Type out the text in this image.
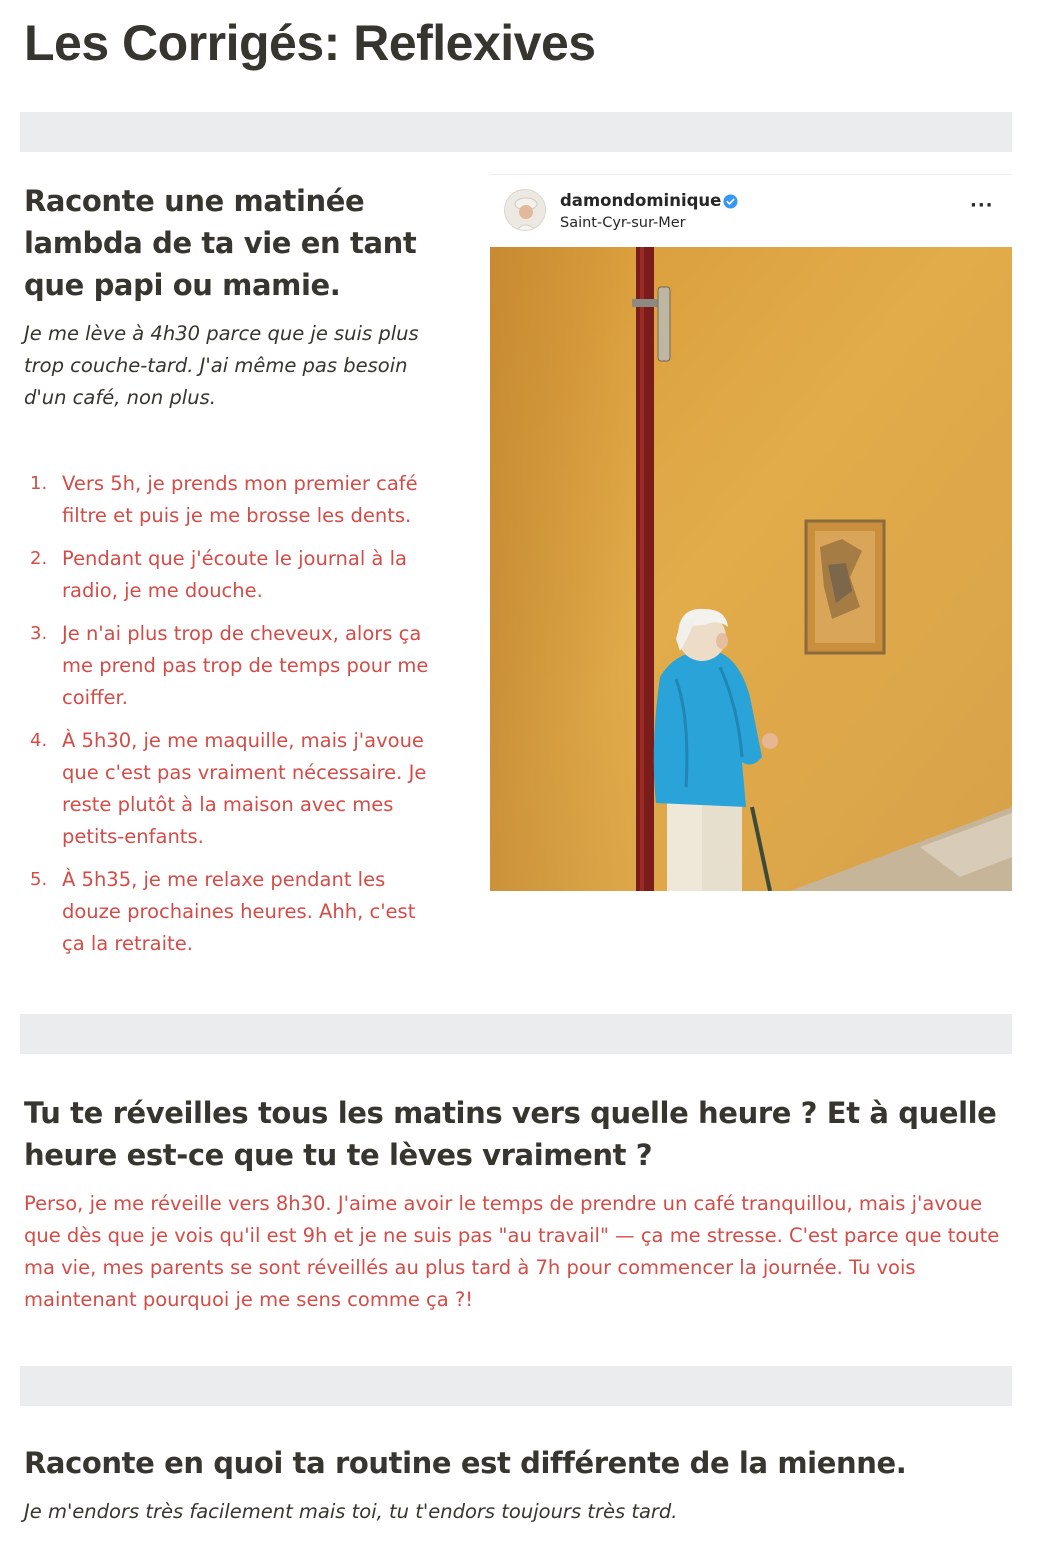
Les Corrigés: Reflexives
Raconte une matinée lambda de ta vie en tant que papi ou mamie.

Je me lève à 4h30 parce que je suis plus trop couche-tard. J'ai même pas besoin d'un café, non plus.

1. Vers 5h, je prends mon premier café filtre et puis je me brosse les dents.
2. Pendant que j'écoute le journal à la radio, je me douche.
3. Je n'ai plus trop de cheveux, alors ça me prend pas trop de temps pour me coiffer.
4. À 5h30, je me maquille, mais j'avoue que c'est pas vraiment nécessaire. Je reste plutôt à la maison avec mes petits-enfants.
5. À 5h35, je me relaxe pendant les douze prochaines heures. Ahh, c'est ça la retraite.
damondominique
Saint-Cyr-sur-Mer
···
Tu te réveilles tous les matins vers quelle heure ? Et à quelle heure est-ce que tu te lèves vraiment ?

Perso, je me réveille vers 8h30. J'aime avoir le temps de prendre un café tranquillou, mais j'avoue que dès que je vois qu'il est 9h et je ne suis pas "au travail" — ça me stresse. C'est parce que toute ma vie, mes parents se sont réveillés au plus tard à 7h pour commencer la journée. Tu vois maintenant pourquoi je me sens comme ça ?!

Raconte en quoi ta routine est différente de la mienne.

Je m'endors très facilement mais toi, tu t'endors toujours très tard.
